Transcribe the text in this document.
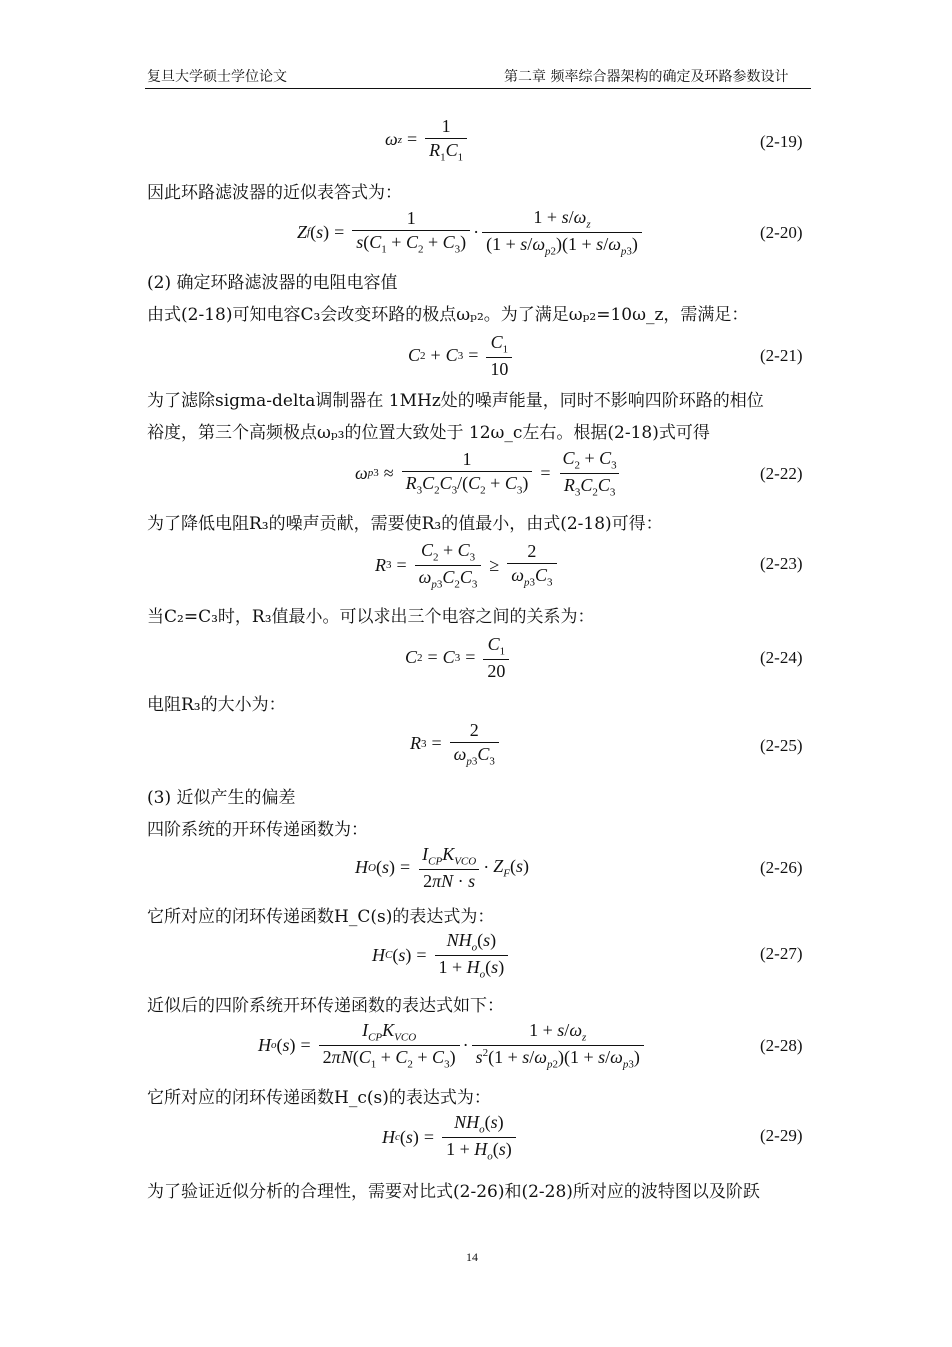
复旦大学硕士学位论文	第二章 频率综合器架构的确定及环路参数设计
ω $z = \frac{1}{R_1C_1}$	(2-19)
因此环路滤波器的近似表答式为：
Z f ( s ) = $\frac{1}{s(C_1 + C_2 + C_3)} \cdot \frac{1 + s/\omega_z}{(1 + s/\omega_{p2})(1 + s/\omega_{p3})}$	(2-20)
(2) 确定环路滤波器的电阻电容值
由式(2-18)可知电容C₃会改变环路的极点ωₚ₂。为了满足ωₚ₂=10ω_z，需满足：
C 2 + C $3 = \frac{C_1}{10}$	(2-21)
为了滤除sigma-delta调制器在 1MHz处的噪声能量，同时不影响四阶环路的相位
裕度，第三个高频极点ωₚ₃的位置大致处于 12ω_c左右。根据(2-18)式可得
ω $p3 \approx \frac{1}{R_3C_2C_3/(C_2 + C_3)} = \frac{C_2 + C_3}{R_3C_2C_3}$	(2-22)
为了降低电阻R₃的噪声贡献，需要使R₃的值最小，由式(2-18)可得：
R $3 = \frac{C_2 + C_3}{\omega_{p3}C_2C_3} \ge \frac{2}{\omega_{p3}C_3}$	(2-23)
当C₂=C₃时，R₃值最小。可以求出三个电容之间的关系为：
C 2 = C $3 = \frac{C_1}{20}$	(2-24)
电阻R₃的大小为：
R $3 = \frac{2}{\omega_{p3}C_3}$	(2-25)
(3) 近似产生的偏差
四阶系统的开环传递函数为：
H O ( s ) = $\frac{I_{CP}K_{VCO}}{2\pi N \cdot s} \cdot Z_F(s)$	(2-26)
它所对应的闭环传递函数H_C(s)的表达式为：
H C ( s ) = $\frac{NH_o(s)}{1 + H_o(s)}$	(2-27)
近似后的四阶系统开环传递函数的表达式如下：
H o ( s ) = $\frac{I_{CP}K_{VCO}}{2\pi N(C_1 + C_2 + C_3)} \cdot \frac{1 + s/\omega_z}{s^2(1 + s/\omega_{p2})(1 + s/\omega_{p3})}$	(2-28)
它所对应的闭环传递函数H_c(s)的表达式为：
H c ( s ) = $\frac{NH_o(s)}{1 + H_o(s)}$	(2-29)
为了验证近似分析的合理性，需要对比式(2-26)和(2-28)所对应的波特图以及阶跃
14
